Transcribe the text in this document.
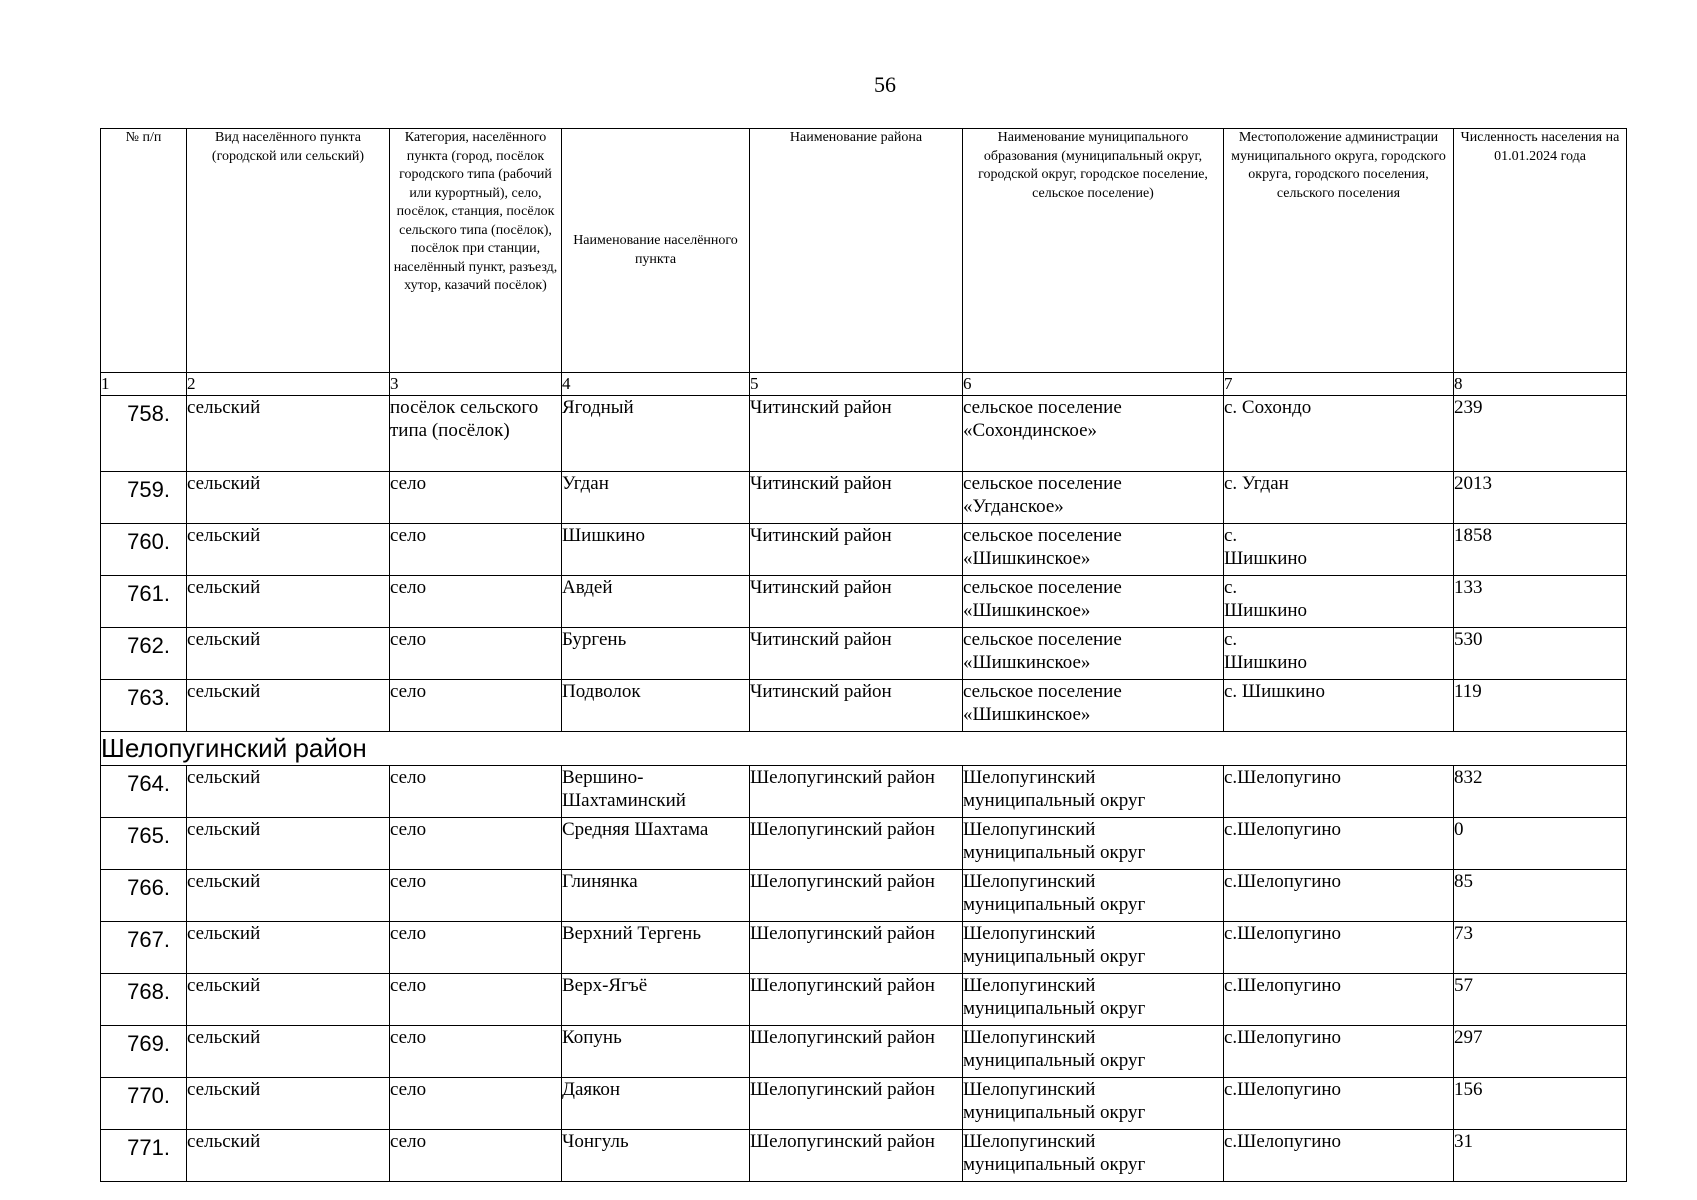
56
№ п/п	Вид населённого пункта (городской или сельский)	Категория, населённого пункта (город, посёлок городского типа (рабочий или курортный), село, посёлок, станция, посёлок сельского типа (посёлок), посёлок при станции, населённый пункт, разъезд, хутор, казачий посёлок)	Наименование населённого пункта	Наименование района	Наименование муниципального образования (муниципальный округ, городской округ, городское поселение, сельское поселение)	Местоположение администрации муниципального округа, городского округа, городского поселения, сельского поселения	Численность населения на 01.01.2024 года
1	2	3	4	5	6	7	8
758.	сельский	посёлок сельского типа (посёлок)	Ягодный	Читинский район	сельское поселение «Сохондинское»	с. Сохондо	239
759.	сельский	село	Угдан	Читинский район	сельское поселение «Угданское»	с. Угдан	2013
760.	сельский	село	Шишкино	Читинский район	сельское поселение «Шишкинское»	с. Шишкино	1858
761.	сельский	село	Авдей	Читинский район	сельское поселение «Шишкинское»	с. Шишкино	133
762.	сельский	село	Бургень	Читинский район	сельское поселение «Шишкинское»	с. Шишкино	530
763.	сельский	село	Подволок	Читинский район	сельское поселение «Шишкинское»	с. Шишкино	119
Шелопугинский район							
764.	сельский	село	Вершино-Шахтаминский	Шелопугинский район	Шелопугинский муниципальный округ	с.Шелопугино	832
765.	сельский	село	Средняя Шахтама	Шелопугинский район	Шелопугинский муниципальный округ	с.Шелопугино	0
766.	сельский	село	Глинянка	Шелопугинский район	Шелопугинский муниципальный округ	с.Шелопугино	85
767.	сельский	село	Верхний Тергень	Шелопугинский район	Шелопугинский муниципальный округ	с.Шелопугино	73
768.	сельский	село	Верх-Ягъё	Шелопугинский район	Шелопугинский муниципальный округ	с.Шелопугино	57
769.	сельский	село	Копунь	Шелопугинский район	Шелопугинский муниципальный округ	с.Шелопугино	297
770.	сельский	село	Даякон	Шелопугинский район	Шелопугинский муниципальный округ	с.Шелопугино	156
771.	сельский	село	Чонгуль	Шелопугинский район	Шелопугинский муниципальный округ	с.Шелопугино	31
